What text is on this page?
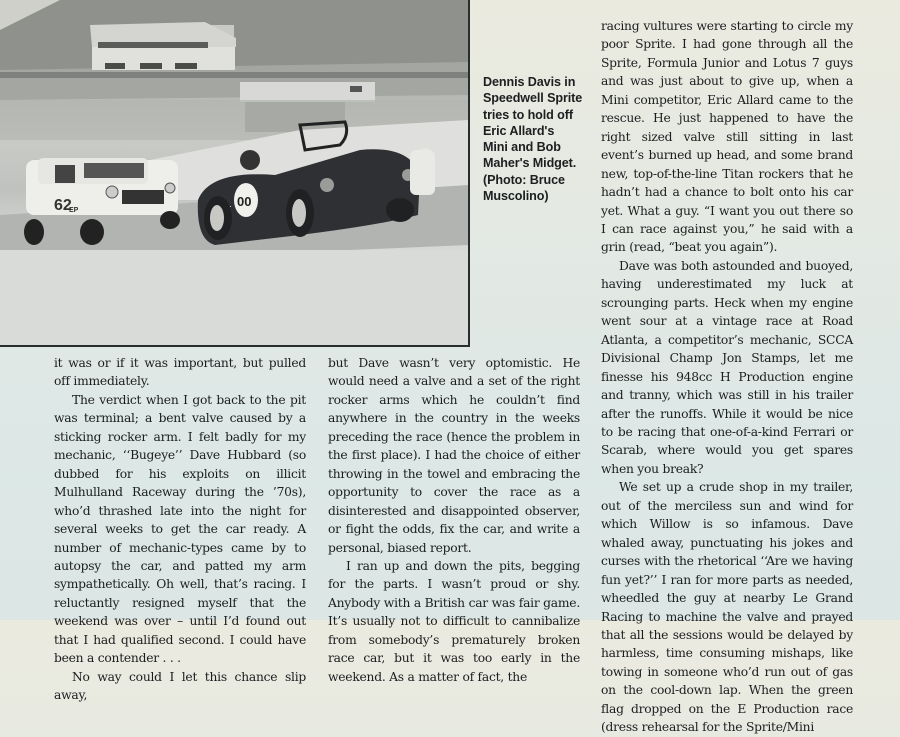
62
EP
00
Dennis Davis in
Speedwell Sprite
tries to hold off
Eric Allard's
Mini and Bob
Maher's Midget.
(Photo: Bruce
Muscolino)

it was or if it was important, but pulled off immediately.

The verdict when I got back to the pit was terminal; a bent valve caused by a sticking rocker arm. I felt badly for my mechanic, ‘‘Bugeye’’ Dave Hubbard (so dubbed for his exploits on illicit Mulhulland Raceway during the ’70s), who’d thrashed late into the night for several weeks to get the car ready. A number of mechanic-types came by to autopsy the car, and patted my arm sympathetically. Oh well, that’s racing. I reluctantly resigned myself that the weekend was over – until I’d found out that I had qualified second. I could have been a contender . . .

No way could I let this chance slip away,

but Dave wasn’t very optomistic. He would need a valve and a set of the right rocker arms which he couldn’t find anywhere in the country in the weeks preceding the race (hence the problem in the first place). I had the choice of either throwing in the towel and embracing the opportunity to cover the race as a disinterested and disappointed observer, or fight the odds, fix the car, and write a personal, biased report.

I ran up and down the pits, begging for the parts. I wasn’t proud or shy. Anybody with a British car was fair game. It’s usually not to difficult to cannibalize from somebody’s prematurely broken race car, but it was too early in the weekend. As a matter of fact, the

racing vultures were starting to circle my poor Sprite. I had gone through all the Sprite, Formula Junior and Lotus 7 guys and was just about to give up, when a Mini competitor, Eric Allard came to the rescue. He just happened to have the right sized valve still sitting in last event’s burned up head, and some brand new, top-of-the-line Titan rockers that he hadn’t had a chance to bolt onto his car yet. What a guy. “I want you out there so I can race against you,” he said with a grin (read, “beat you again”).

Dave was both astounded and buoyed, having underestimated my luck at scrounging parts. Heck when my engine went sour at a vintage race at Road Atlanta, a competitor’s mechanic, SCCA Divisional Champ Jon Stamps, let me finesse his 948cc H Production engine and tranny, which was still in his trailer after the runoffs. While it would be nice to be racing that one-of-a-kind Ferrari or Scarab, where would you get spares when you break?

We set up a crude shop in my trailer, out of the merciless sun and wind for which Willow is so infamous. Dave whaled away, punctuating his jokes and curses with the rhetorical ‘‘Are we having fun yet?’’ I ran for more parts as needed, wheedled the guy at nearby Le Grand Racing to machine the valve and prayed that all the sessions would be delayed by harmless, time consuming mishaps, like towing in someone who’d run out of gas on the cool-down lap. When the green flag dropped on the E Production race (dress rehearsal for the Sprite/Mini
